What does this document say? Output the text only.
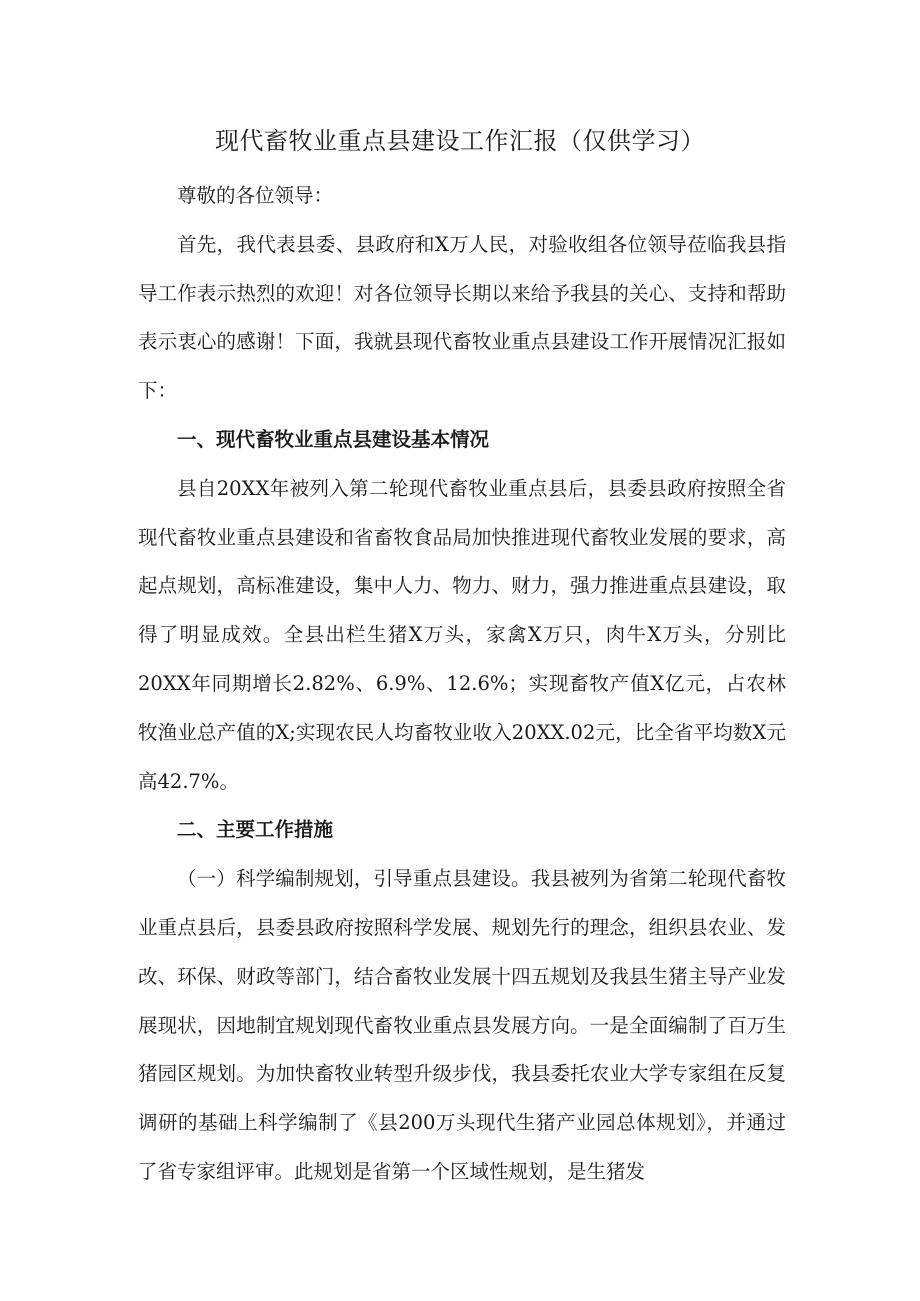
现代畜牧业重点县建设工作汇报（仅供学习）

尊敬的各位领导：

首先，我代表县委、县政府和X万人民，对验收组各位领导莅临我县指导工作表示热烈的欢迎！对各位领导长期以来给予我县的关心、支持和帮助表示衷心的感谢！下面，我就县现代畜牧业重点县建设工作开展情况汇报如下：

一、现代畜牧业重点县建设基本情况

县自20XX年被列入第二轮现代畜牧业重点县后，县委县政府按照全省现代畜牧业重点县建设和省畜牧食品局加快推进现代畜牧业发展的要求，高起点规划，高标准建设，集中人力、物力、财力，强力推进重点县建设，取得了明显成效。全县出栏生猪X万头，家禽X万只，肉牛X万头，分别比20XX年同期增长2.82%、6.9%、12.6%；实现畜牧产值X亿元，占农林牧渔业总产值的X;实现农民人均畜牧业收入20XX.02元，比全省平均数X元高42.7%。

二、主要工作措施

（一）科学编制规划，引导重点县建设。我县被列为省第二轮现代畜牧业重点县后，县委县政府按照科学发展、规划先行的理念，组织县农业、发改、环保、财政等部门，结合畜牧业发展十四五规划及我县生猪主导产业发展现状，因地制宜规划现代畜牧业重点县发展方向。一是全面编制了百万生猪园区规划。为加快畜牧业转型升级步伐，我县委托农业大学专家组在反复调研的基础上科学编制了《县200万头现代生猪产业园总体规划》，并通过了省专家组评审。此规划是省第一个区域性规划，是生猪发
